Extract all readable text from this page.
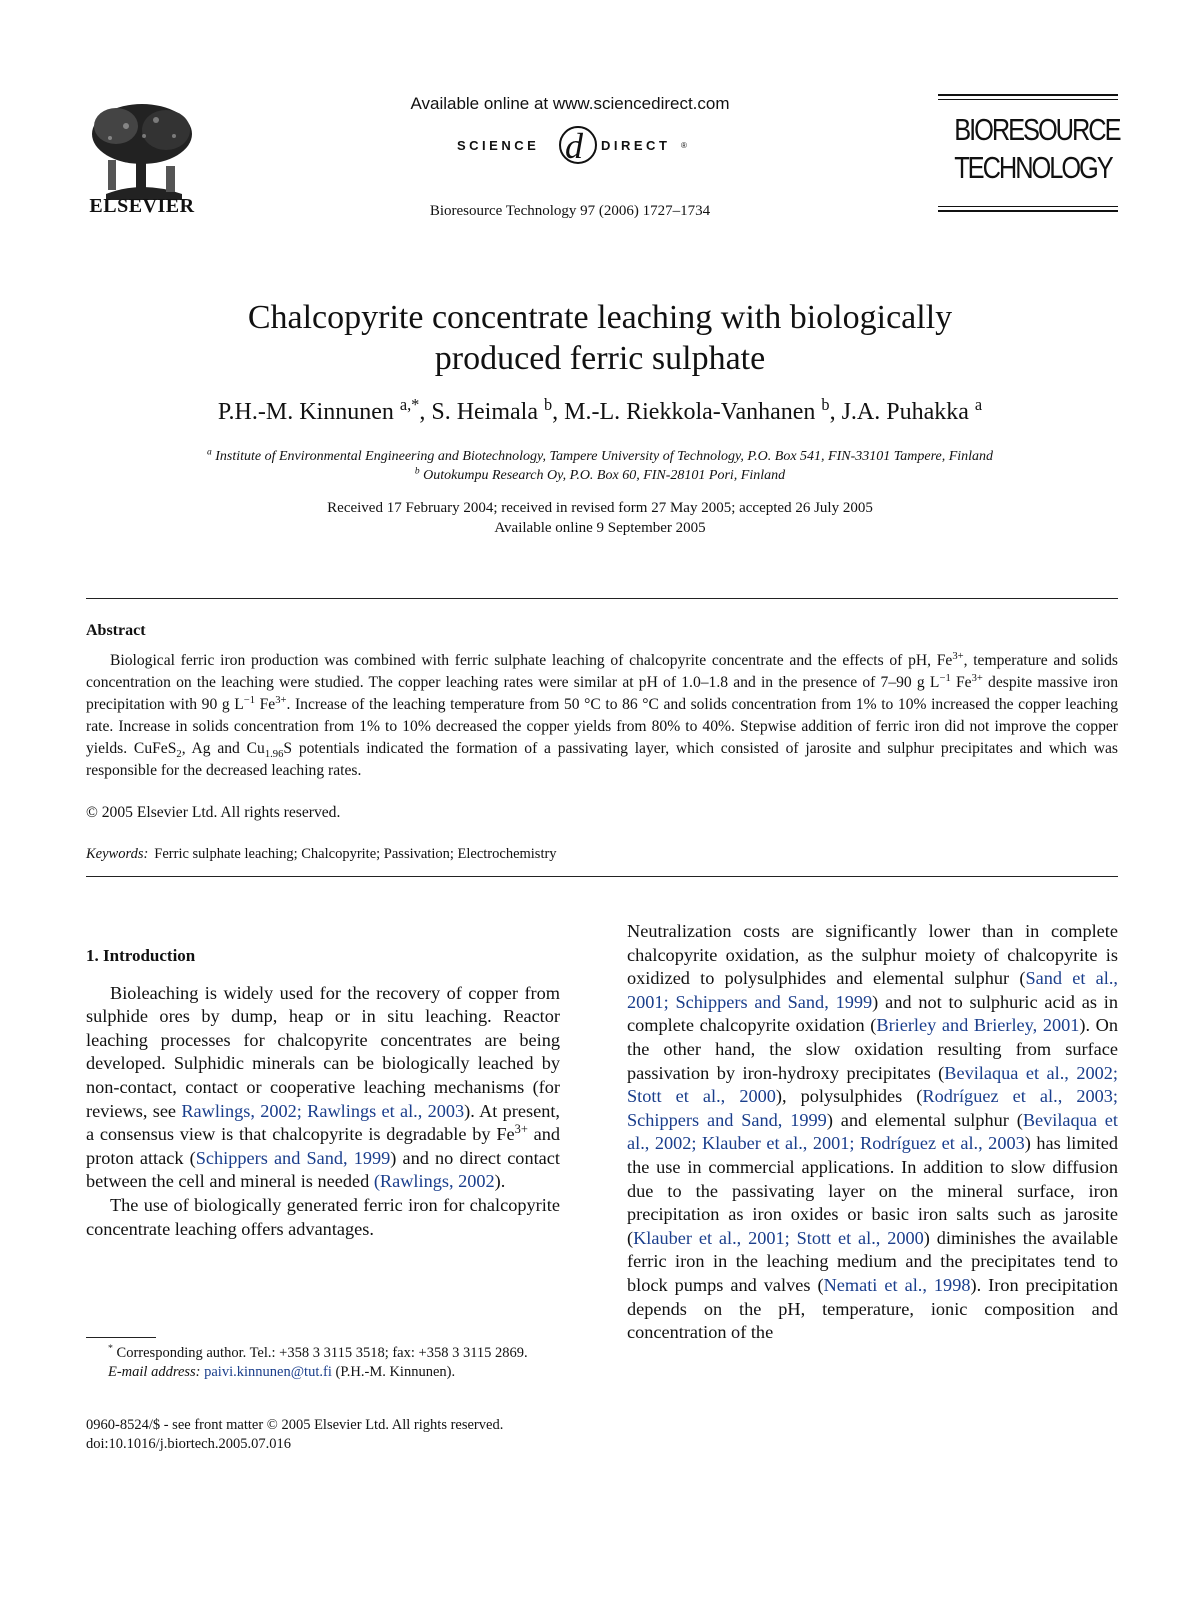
ELSEVIER
Available online at www.sciencedirect.com
SCIENCE d DIRECT ®
Bioresource Technology 97 (2006) 1727–1734
BIORESOURCE
TECHNOLOGY
Chalcopyrite concentrate leaching with biologically
produced ferric sulphate
P.H.-M. Kinnunen $^{a,*}$, S. Heimala $^b$, M.-L. Riekkola-Vanhanen $^b$, J.A. Puhakka $^a$
$^a$ Institute of Environmental Engineering and Biotechnology, Tampere University of Technology, P.O. Box 541, FIN-33101 Tampere, Finland
$^b$ Outokumpu Research Oy, P.O. Box 60, FIN-28101 Pori, Finland
Received 17 February 2004; received in revised form 27 May 2005; accepted 26 July 2005
Available online 9 September 2005
Abstract
Biological ferric iron production was combined with ferric sulphate leaching of chalcopyrite concentrate and the effects of pH, $Fe^{3+}$, temperature and solids concentration on the leaching were studied. The copper leaching rates were similar at pH of 1.0–1.8 and in the presence of 7–90 g $L^{-1}$ $Fe^{3+}$ despite massive iron precipitation with 90 g $L^{-1}$ $Fe^{3+}$. Increase of the leaching temperature from 50 °C to 86 °C and solids concentration from 1% to 10% increased the copper leaching rate. Increase in solids concentration from 1% to 10% decreased the copper yields from 80% to 40%. Stepwise addition of ferric iron did not improve the copper yields. CuFeS$_2$, Ag and $Cu_{1.96}S$ potentials indicated the formation of a passivating layer, which consisted of jarosite and sulphur precipitates and which was responsible for the decreased leaching rates.
© 2005 Elsevier Ltd. All rights reserved.
Keywords: Ferric sulphate leaching; Chalcopyrite; Passivation; Electrochemistry
1. Introduction

Bioleaching is widely used for the recovery of copper from sulphide ores by dump, heap or in situ leaching. Reactor leaching processes for chalcopyrite concentrates are being developed. Sulphidic minerals can be biologically leached by non-contact, contact or cooperative leaching mechanisms (for reviews, see Rawlings, 2002; Rawlings et al., 2003). At present, a consensus view is that chalcopyrite is degradable by $Fe^{3+}$ and proton attack (Schippers and Sand, 1999) and no direct contact between the cell and mineral is needed (Rawlings, 2002).

The use of biologically generated ferric iron for chalcopyrite concentrate leaching offers advantages.

Neutralization costs are significantly lower than in complete chalcopyrite oxidation, as the sulphur moiety of chalcopyrite is oxidized to polysulphides and elemental sulphur (Sand et al., 2001; Schippers and Sand, 1999) and not to sulphuric acid as in complete chalcopyrite oxidation (Brierley and Brierley, 2001). On the other hand, the slow oxidation resulting from surface passivation by iron-hydroxy precipitates (Bevilaqua et al., 2002; Stott et al., 2000), polysulphides (Rodríguez et al., 2003; Schippers and Sand, 1999) and elemental sulphur (Bevilaqua et al., 2002; Klauber et al., 2001; Rodríguez et al., 2003) has limited the use in commercial applications. In addition to slow diffusion due to the passivating layer on the mineral surface, iron precipitation as iron oxides or basic iron salts such as jarosite (Klauber et al., 2001; Stott et al., 2000) diminishes the available ferric iron in the leaching medium and the precipitates tend to block pumps and valves (Nemati et al., 1998). Iron precipitation depends on the pH, temperature, ionic composition and concentration of the

* Corresponding author. Tel.: +358 3 3115 3518; fax: +358 3 3115 2869.
E-mail address: paivi.kinnunen@tut.fi (P.H.-M. Kinnunen).
0960-8524/$ - see front matter © 2005 Elsevier Ltd. All rights reserved.
doi:10.1016/j.biortech.2005.07.016
